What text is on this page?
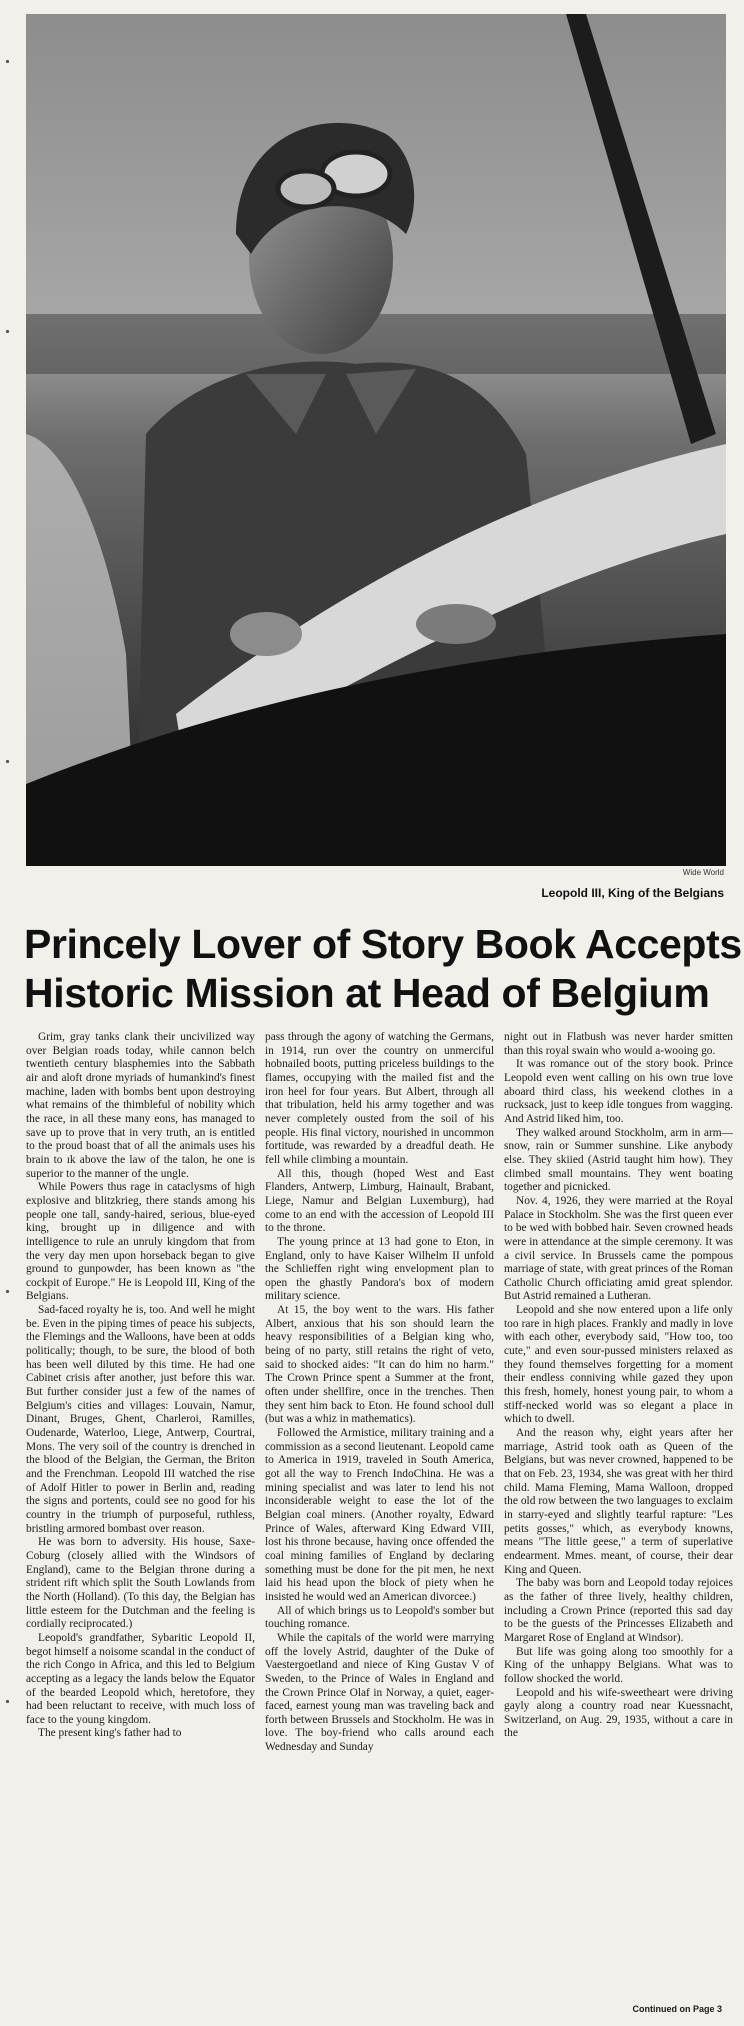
Wide World
Leopold III, King of the Belgians
Princely Lover of Story Book Accepts
Historic Mission at Head of Belgium

Grim, gray tanks clank their uncivilized way over Belgian roads today, while cannon belch twentieth century blasphemies into the Sabbath air and aloft drone myriads of humankind's finest machine, laden with bombs bent upon destroying what remains of the thimbleful of nobility which the race, in all these many eons, has managed to save up to prove that in very truth, an is entitled to the proud boast that of all the animals uses his brain to ık above the law of the talon, he one is superior to the manner of the ungle.

While Powers thus rage in cataclysms of high explosive and blitzkrieg, there stands among his people one tall, sandy-haired, serious, blue-eyed king, brought up in diligence and with intelligence to rule an unruly kingdom that from the very day men upon horseback began to give ground to gunpowder, has been known as "the cockpit of Europe." He is Leopold III, King of the Belgians.

Sad-faced royalty he is, too. And well he might be. Even in the piping times of peace his subjects, the Flemings and the Walloons, have been at odds politically; though, to be sure, the blood of both has been well diluted by this time. He had one Cabinet crisis after another, just before this war. But further consider just a few of the names of Belgium's cities and villages: Louvain, Namur, Dinant, Bruges, Ghent, Charleroi, Ramilles, Oudenarde, Waterloo, Liege, Antwerp, Courtrai, Mons. The very soil of the country is drenched in the blood of the Belgian, the German, the Briton and the Frenchman. Leopold III watched the rise of Adolf Hitler to power in Berlin and, reading the signs and portents, could see no good for his country in the triumph of purposeful, ruthless, bristling armored bombast over reason.

He was born to adversity. His house, Saxe-Coburg (closely allied with the Windsors of England), came to the Belgian throne during a strident rift which split the South Lowlands from the North (Holland). (To this day, the Belgian has little esteem for the Dutchman and the feeling is cordially reciprocated.)

Leopold's grandfather, Sybaritic Leopold II, begot himself a noisome scandal in the conduct of the rich Congo in Africa, and this led to Belgium accepting as a legacy the lands below the Equator of the bearded Leopold which, heretofore, they had been reluctant to receive, with much loss of face to the young kingdom.

The present king's father had to

pass through the agony of watching the Germans, in 1914, run over the country on unmerciful hobnailed boots, putting priceless buildings to the flames, occupying with the mailed fist and the iron heel for four years. But Albert, through all that tribulation, held his army together and was never completely ousted from the soil of his people. His final victory, nourished in uncommon fortitude, was rewarded by a dreadful death. He fell while climbing a mountain.

All this, though (hoped West and East Flanders, Antwerp, Limburg, Hainault, Brabant, Liege, Namur and Belgian Luxemburg), had come to an end with the accession of Leopold III to the throne.

The young prince at 13 had gone to Eton, in England, only to have Kaiser Wilhelm II unfold the Schlieffen right wing envelopment plan to open the ghastly Pandora's box of modern military science.

At 15, the boy went to the wars. His father Albert, anxious that his son should learn the heavy responsibilities of a Belgian king who, being of no party, still retains the right of veto, said to shocked aides: "It can do him no harm." The Crown Prince spent a Summer at the front, often under shellfire, once in the trenches. Then they sent him back to Eton. He found school dull (but was a whiz in mathematics).

Followed the Armistice, military training and a commission as a second lieutenant. Leopold came to America in 1919, traveled in South America, got all the way to French IndoChina. He was a mining specialist and was later to lend his not inconsiderable weight to ease the lot of the Belgian coal miners. (Another royalty, Edward Prince of Wales, afterward King Edward VIII, lost his throne because, having once offended the coal mining families of England by declaring something must be done for the pit men, he next laid his head upon the block of piety when he insisted he would wed an American divorcee.)

All of which brings us to Leopold's somber but touching romance.

While the capitals of the world were marrying off the lovely Astrid, daughter of the Duke of Vaestergoetland and niece of King Gustav V of Sweden, to the Prince of Wales in England and the Crown Prince Olaf in Norway, a quiet, eager-faced, earnest young man was traveling back and forth between Brussels and Stockholm. He was in love. The boy-friend who calls around each Wednesday and Sunday

night out in Flatbush was never harder smitten than this royal swain who would a-wooing go.

It was romance out of the story book. Prince Leopold even went calling on his own true love aboard third class, his weekend clothes in a rucksack, just to keep idle tongues from wagging. And Astrid liked him, too.

They walked around Stockholm, arm in arm—snow, rain or Summer sunshine. Like anybody else. They skiied (Astrid taught him how). They climbed small mountains. They went boating together and picnicked.

Nov. 4, 1926, they were married at the Royal Palace in Stockholm. She was the first queen ever to be wed with bobbed hair. Seven crowned heads were in attendance at the simple ceremony. It was a civil service. In Brussels came the pompous marriage of state, with great princes of the Roman Catholic Church officiating amid great splendor. But Astrid remained a Lutheran.

Leopold and she now entered upon a life only too rare in high places. Frankly and madly in love with each other, everybody said, "How too, too cute," and even sour-pussed ministers relaxed as they found themselves forgetting for a moment their endless conniving while gazed they upon this fresh, homely, honest young pair, to whom a stiff-necked world was so elegant a place in which to dwell.

And the reason why, eight years after her marriage, Astrid took oath as Queen of the Belgians, but was never crowned, happened to be that on Feb. 23, 1934, she was great with her third child. Mama Fleming, Mama Walloon, dropped the old row between the two languages to exclaim in starry-eyed and slightly tearful rapture: "Les petits gosses," which, as everybody knowns, means "The little geese," a term of superlative endearment. Mmes. meant, of course, their dear King and Queen.

The baby was born and Leopold today rejoices as the father of three lively, healthy children, including a Crown Prince (reported this sad day to be the guests of the Princesses Elizabeth and Margaret Rose of England at Windsor).

But life was going along too smoothly for a King of the unhappy Belgians. What was to follow shocked the world.

Leopold and his wife-sweetheart were driving gayly along a country road near Kuessnacht, Switzerland, on Aug. 29, 1935, without a care in the

Continued on Page 3
